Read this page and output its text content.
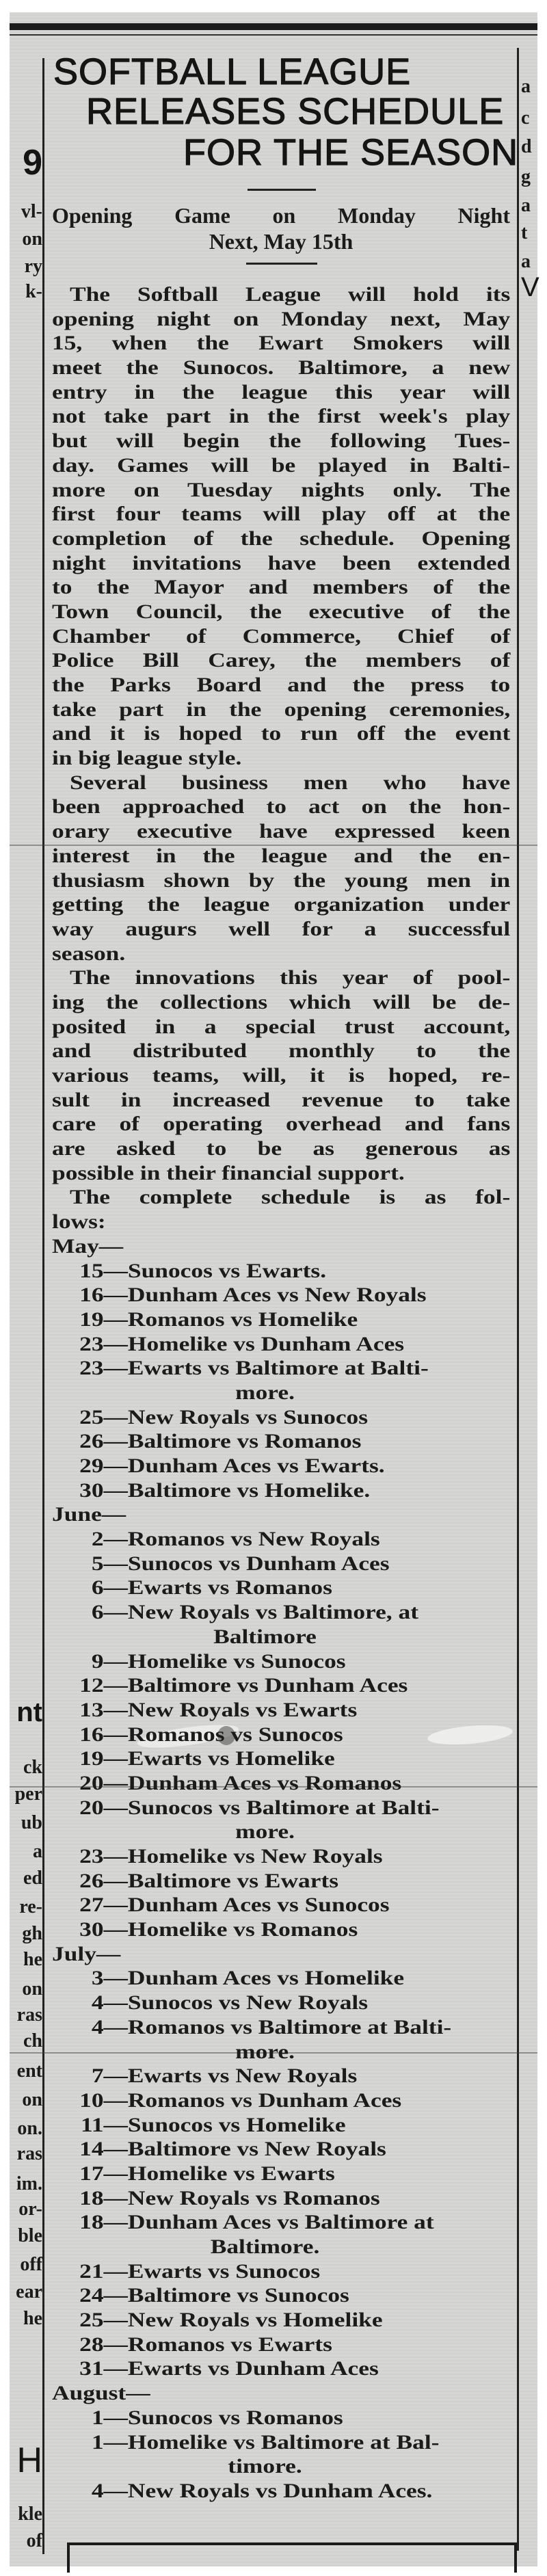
SOFTBALL LEAGUE
RELEASES SCHEDULE
FOR THE SEASON
Opening Game on Monday Night
Next, May 15th
The Softball League will hold its
opening night on Monday next, May
15, when the Ewart Smokers will
meet the Sunocos. Baltimore, a new
entry in the league this year will
not take part in the first week's play
but will begin the following Tues-
day. Games will be played in Balti-
more on Tuesday nights only. The
first four teams will play off at the
completion of the schedule. Opening
night invitations have been extended
to the Mayor and members of the
Town Council, the executive of the
Chamber of Commerce, Chief of
Police Bill Carey, the members of
the Parks Board and the press to
take part in the opening ceremonies,
and it is hoped to run off the event
in big league style.
Several business men who have
been approached to act on the hon-
orary executive have expressed keen
interest in the league and the en-
thusiasm shown by the young men in
getting the league organization under
way augurs well for a successful
season.
The innovations this year of pool-
ing the collections which will be de-
posited in a special trust account,
and distributed monthly to the
various teams, will, it is hoped, re-
sult in increased revenue to take
care of operating overhead and fans
are asked to be as generous as
possible in their financial support.
The complete schedule is as fol-
lows:
May—
15—Sunocos vs Ewarts.
16—Dunham Aces vs New Royals
19—Romanos vs Homelike
23—Homelike vs Dunham Aces
23—Ewarts vs Baltimore at Balti-
more.
25—New Royals vs Sunocos
26—Baltimore vs Romanos
29—Dunham Aces vs Ewarts.
30—Baltimore vs Homelike.
June—
2—Romanos vs New Royals
5—Sunocos vs Dunham Aces
6—Ewarts vs Romanos
6—New Royals vs Baltimore, at
Baltimore
9—Homelike vs Sunocos
12—Baltimore vs Dunham Aces
13—New Royals vs Ewarts
16—Romanos vs Sunocos
19—Ewarts vs Homelike
20—Dunham Aces vs Romanos
20—Sunocos vs Baltimore at Balti-
more.
23—Homelike vs New Royals
26—Baltimore vs Ewarts
27—Dunham Aces vs Sunocos
30—Homelike vs Romanos
July—
3—Dunham Aces vs Homelike
4—Sunocos vs New Royals
4—Romanos vs Baltimore at Balti-
more.
7—Ewarts vs New Royals
10—Romanos vs Dunham Aces
11—Sunocos vs Homelike
14—Baltimore vs New Royals
17—Homelike vs Ewarts
18—New Royals vs Romanos
18—Dunham Aces vs Baltimore at
Baltimore.
21—Ewarts vs Sunocos
24—Baltimore vs Sunocos
25—New Royals vs Homelike
28—Romanos vs Ewarts
31—Ewarts vs Dunham Aces
August—
1—Sunocos vs Romanos
1—Homelike vs Baltimore at Bal-
timore.
4—New Royals vs Dunham Aces.
9
vl-
on
ry
k-
nt
ck
per
ub
a
ed
re-
gh
he
on
ras
ch
ent
on
on.
ras
im.
or-
ble
off
ear
he
H
kle
of
a
c
d
g
a
t
a
V
